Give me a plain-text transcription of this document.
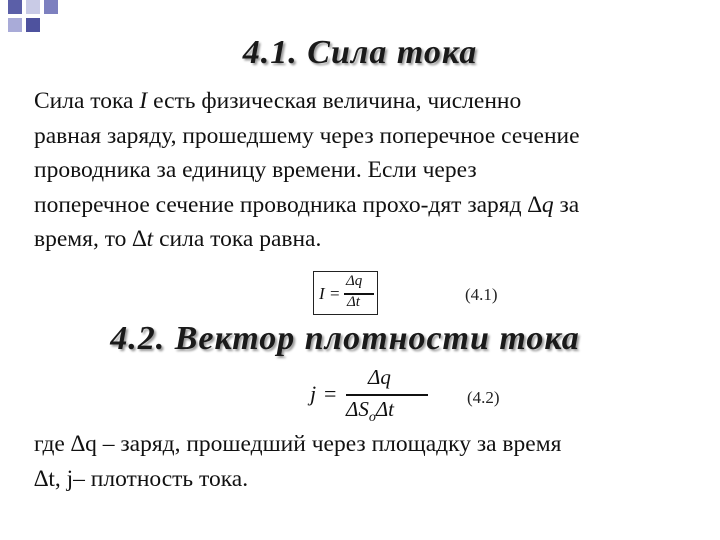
4.1. Сила тока
Сила тока I есть физическая величина, численно
равная заряду, прошедшему через поперечное сечение
проводника за единицу времени. Если через
поперечное сечение проводника прохо-дят заряд ∆q за
время, то ∆t сила тока равна.
I =
Δq
Δt	(4.1)
4.2. Вектор плотности тока
j =
Δq
$\Delta S_o\Delta t$	(4.2)
где ∆q – заряд, прошедший через площадку за время
∆t, j– плотность тока.
